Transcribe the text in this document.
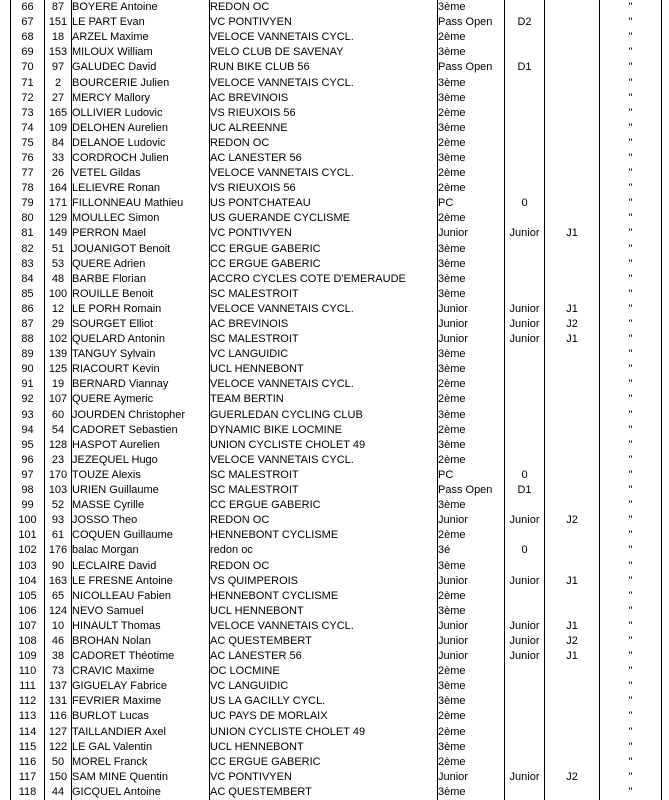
66	87	BOYERE Antoine	REDON OC	3ème			"
67	151	LE PART Evan	VC PONTIVYEN	Pass Open	D2		"
68	18	ARZEL Maxime	VELOCE VANNETAIS CYCL.	2ème			"
69	153	MILOUX William	VELO CLUB DE SAVENAY	3ème			"
70	97	GALUDEC David	RUN BIKE CLUB 56	Pass Open	D1		"
71	2	BOURCERIE Julien	VELOCE VANNETAIS CYCL.	3ème			"
72	27	MERCY Mallory	AC BREVINOIS	3ème			"
73	165	OLLIVIER Ludovic	VS RIEUXOIS 56	2ème			"
74	109	DELOHEN Aurelien	UC ALREENNE	3ème			"
75	84	DELANOE Ludovic	REDON OC	2ème			"
76	33	CORDROCH Julien	AC LANESTER 56	3ème			"
77	26	VETEL Gildas	VELOCE VANNETAIS CYCL.	2ème			"
78	164	LELIEVRE Ronan	VS RIEUXOIS 56	2ème			"
79	171	FILLONNEAU Mathieu	US PONTCHATEAU	PC	0		"
80	129	MOULLEC Simon	US GUERANDE CYCLISME	2ème			"
81	149	PERRON Mael	VC PONTIVYEN	Junior	Junior	J1	"
82	51	JOUANIGOT Benoit	CC ERGUE GABERIC	3ème			"
83	53	QUERE Adrien	CC ERGUE GABERIC	3ème			"
84	48	BARBE Florian	ACCRO CYCLES COTE D'EMERAUDE	3ème			"
85	100	ROUILLE Benoit	SC MALESTROIT	3ème			"
86	12	LE PORH Romain	VELOCE VANNETAIS CYCL.	Junior	Junior	J1	"
87	29	SOURGET Elliot	AC BREVINOIS	Junior	Junior	J2	"
88	102	QUELARD Antonin	SC MALESTROIT	Junior	Junior	J1	"
89	139	TANGUY Sylvain	VC LANGUIDIC	3ème			"
90	125	RIACOURT Kevin	UCL HENNEBONT	3ème			"
91	19	BERNARD Viannay	VELOCE VANNETAIS CYCL.	2ème			"
92	107	QUERE Aymeric	TEAM BERTIN	2ème			"
93	60	JOURDEN Christopher	GUERLEDAN CYCLING CLUB	3ème			"
94	54	CADORET Sebastien	DYNAMIC BIKE LOCMINE	2ème			"
95	128	HASPOT Aurelien	UNION CYCLISTE CHOLET 49	3ème			"
96	23	JEZEQUEL Hugo	VELOCE VANNETAIS CYCL.	2ème			"
97	170	TOUZE Alexis	SC MALESTROIT	PC	0		"
98	103	URIEN Guillaume	SC MALESTROIT	Pass Open	D1		"
99	52	MASSE Cyrille	CC ERGUE GABERIC	3ème			"
100	93	JOSSO Theo	REDON OC	Junior	Junior	J2	"
101	61	COQUEN Guillaume	HENNEBONT CYCLISME	2ème			"
102	176	balac Morgan	redon oc	3é	0		"
103	90	LECLAIRE David	REDON OC	3ème			"
104	163	LE FRESNE Antoine	VS QUIMPEROIS	Junior	Junior	J1	"
105	65	NICOLLEAU Fabien	HENNEBONT CYCLISME	2ème			"
106	124	NEVO Samuel	UCL HENNEBONT	3ème			"
107	10	HINAULT Thomas	VELOCE VANNETAIS CYCL.	Junior	Junior	J1	"
108	46	BROHAN Nolan	AC QUESTEMBERT	Junior	Junior	J2	"
109	38	CADORET Théotime	AC LANESTER 56	Junior	Junior	J1	"
110	73	CRAVIC Maxime	OC LOCMINE	2ème			"
111	137	GIGUELAY Fabrice	VC LANGUIDIC	3ème			"
112	131	FEVRIER Maxime	US LA GACILLY CYCL.	3ème			"
113	116	BURLOT Lucas	UC PAYS DE MORLAIX	2ème			"
114	127	TAILLANDIER Axel	UNION CYCLISTE CHOLET 49	2ème			"
115	122	LE GAL Valentin	UCL HENNEBONT	3ème			"
116	50	MOREL Franck	CC ERGUE GABERIC	2ème			"
117	150	SAM MINE Quentin	VC PONTIVYEN	Junior	Junior	J2	"
118	44	GICQUEL Antoine	AC QUESTEMBERT	3ème			"
